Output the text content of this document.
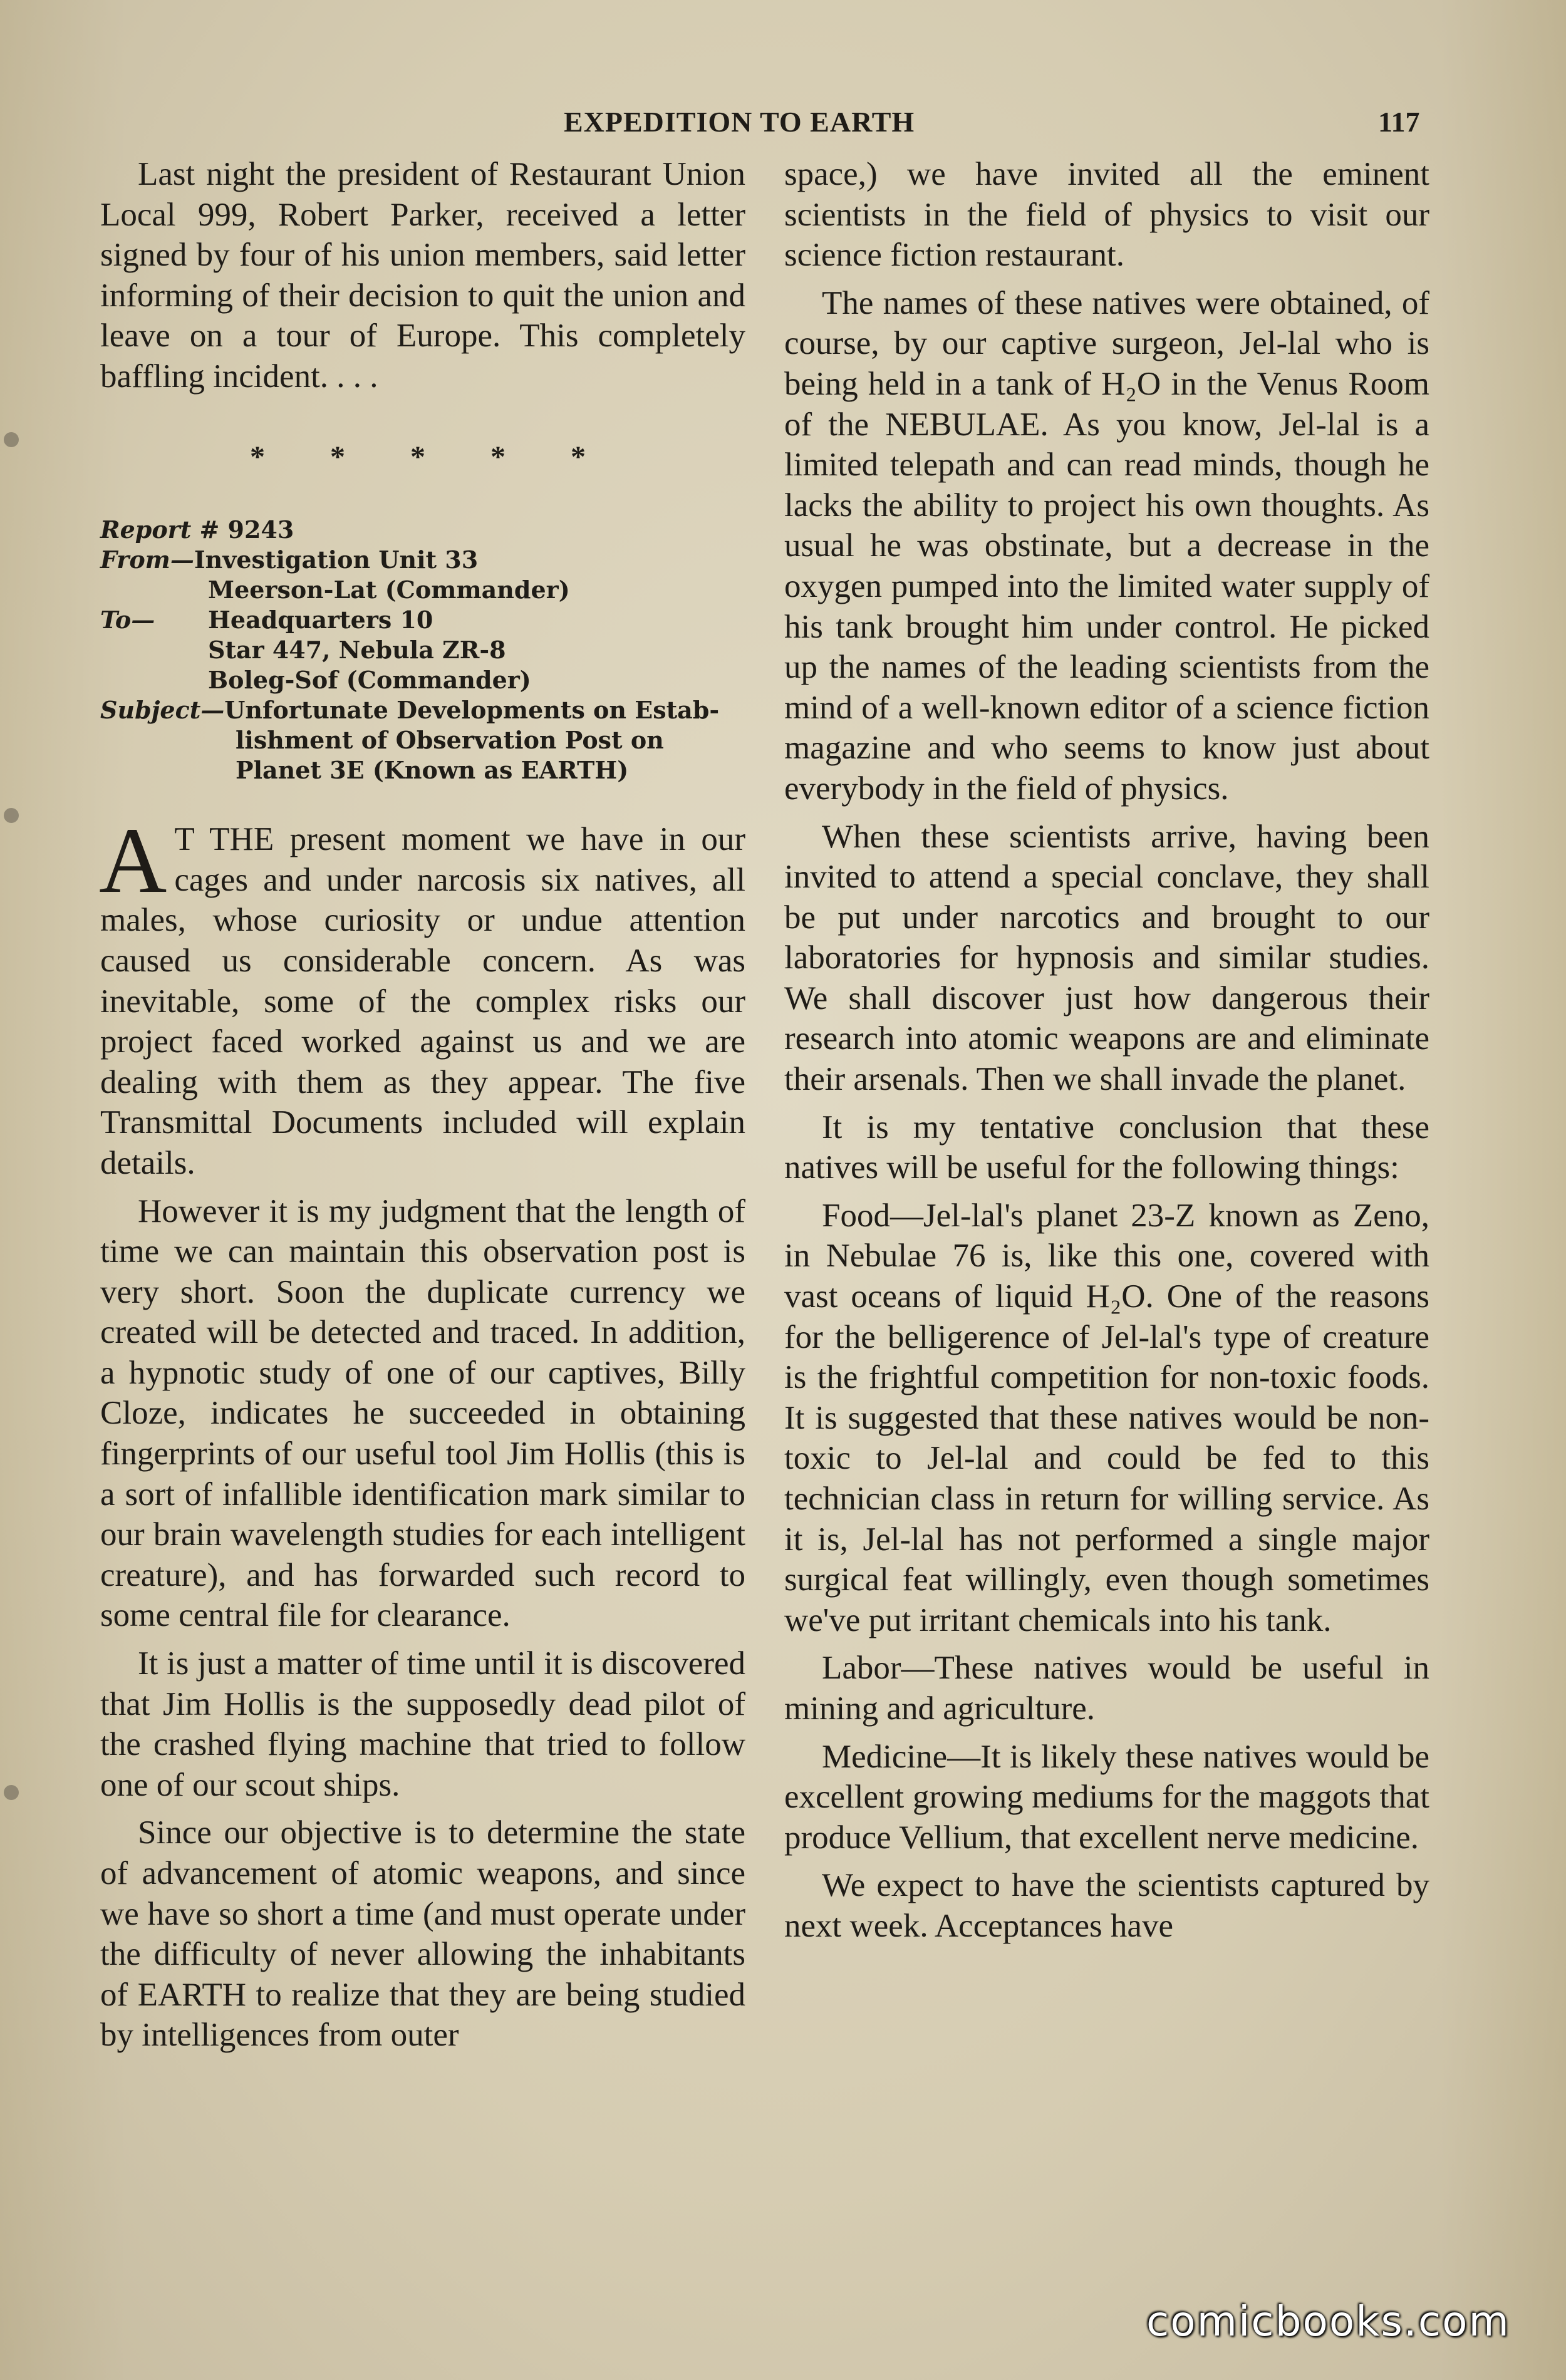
EXPEDITION TO EARTH	117

Last night the president of Restaurant Union Local 999, Robert Parker, received a letter signed by four of his union members, said letter informing of their decision to quit the union and leave on a tour of Europe. This completely baffling incident. . . .

* * * * *
Report
# 9243
From— Investigation Unit 33
Meerson-Lat (Commander)
To—	Headquarters 10
Star 447, Nebula ZR-8
Boleg-Sof (Commander)
Subject— Unfortunate Developments on Estab-
lishment of Observation Post on
Planet 3E (Known as EARTH)

A T THE present moment we have in our cages and under narcosis six natives, all males, whose curiosity or undue attention caused us considerable concern. As was inevitable, some of the complex risks our project faced worked against us and we are dealing with them as they appear. The five Transmittal Documents included will explain details.

However it is my judgment that the length of time we can maintain this observation post is very short. Soon the duplicate currency we created will be detected and traced. In addition, a hypnotic study of one of our captives, Billy Cloze, indicates he succeeded in obtaining fingerprints of our useful tool Jim Hollis (this is a sort of infallible identification mark similar to our brain wavelength studies for each intelligent creature), and has forwarded such record to some central file for clearance.

It is just a matter of time until it is discovered that Jim Hollis is the supposedly dead pilot of the crashed flying machine that tried to follow one of our scout ships.

Since our objective is to determine the state of advancement of atomic weapons, and since we have so short a time (and must operate under the difficulty of never allowing the inhabitants of EARTH to realize that they are being studied by intelligences from outer

space,) we have invited all the eminent scientists in the field of physics to visit our science fiction restaurant.

The names of these natives were obtained, of course, by our captive surgeon, Jel-lal who is being held in a tank of H₂O in the Venus Room of the NEBULAE. As you know, Jel-lal is a limited telepath and can read minds, though he lacks the ability to project his own thoughts. As usual he was obstinate, but a decrease in the oxygen pumped into the limited water supply of his tank brought him under control. He picked up the names of the leading scientists from the mind of a well-known editor of a science fiction magazine and who seems to know just about everybody in the field of physics.

When these scientists arrive, having been invited to attend a special conclave, they shall be put under narcotics and brought to our laboratories for hypnosis and similar studies. We shall discover just how dangerous their research into atomic weapons are and eliminate their arsenals. Then we shall invade the planet.

It is my tentative conclusion that these natives will be useful for the following things:

Food—Jel-lal's planet 23-Z known as Zeno, in Nebulae 76 is, like this one, covered with vast oceans of liquid H₂O. One of the reasons for the belligerence of Jel-lal's type of creature is the frightful competition for non-toxic foods. It is suggested that these natives would be non-toxic to Jel-lal and could be fed to this technician class in return for willing service. As it is, Jel-lal has not performed a single major surgical feat willingly, even though sometimes we've put irritant chemicals into his tank.

Labor—These natives would be useful in mining and agriculture.

Medicine—It is likely these natives would be excellent growing mediums for the maggots that produce Vellium, that excellent nerve medicine.

We expect to have the scientists captured by next week. Acceptances have

comicbooks.com
